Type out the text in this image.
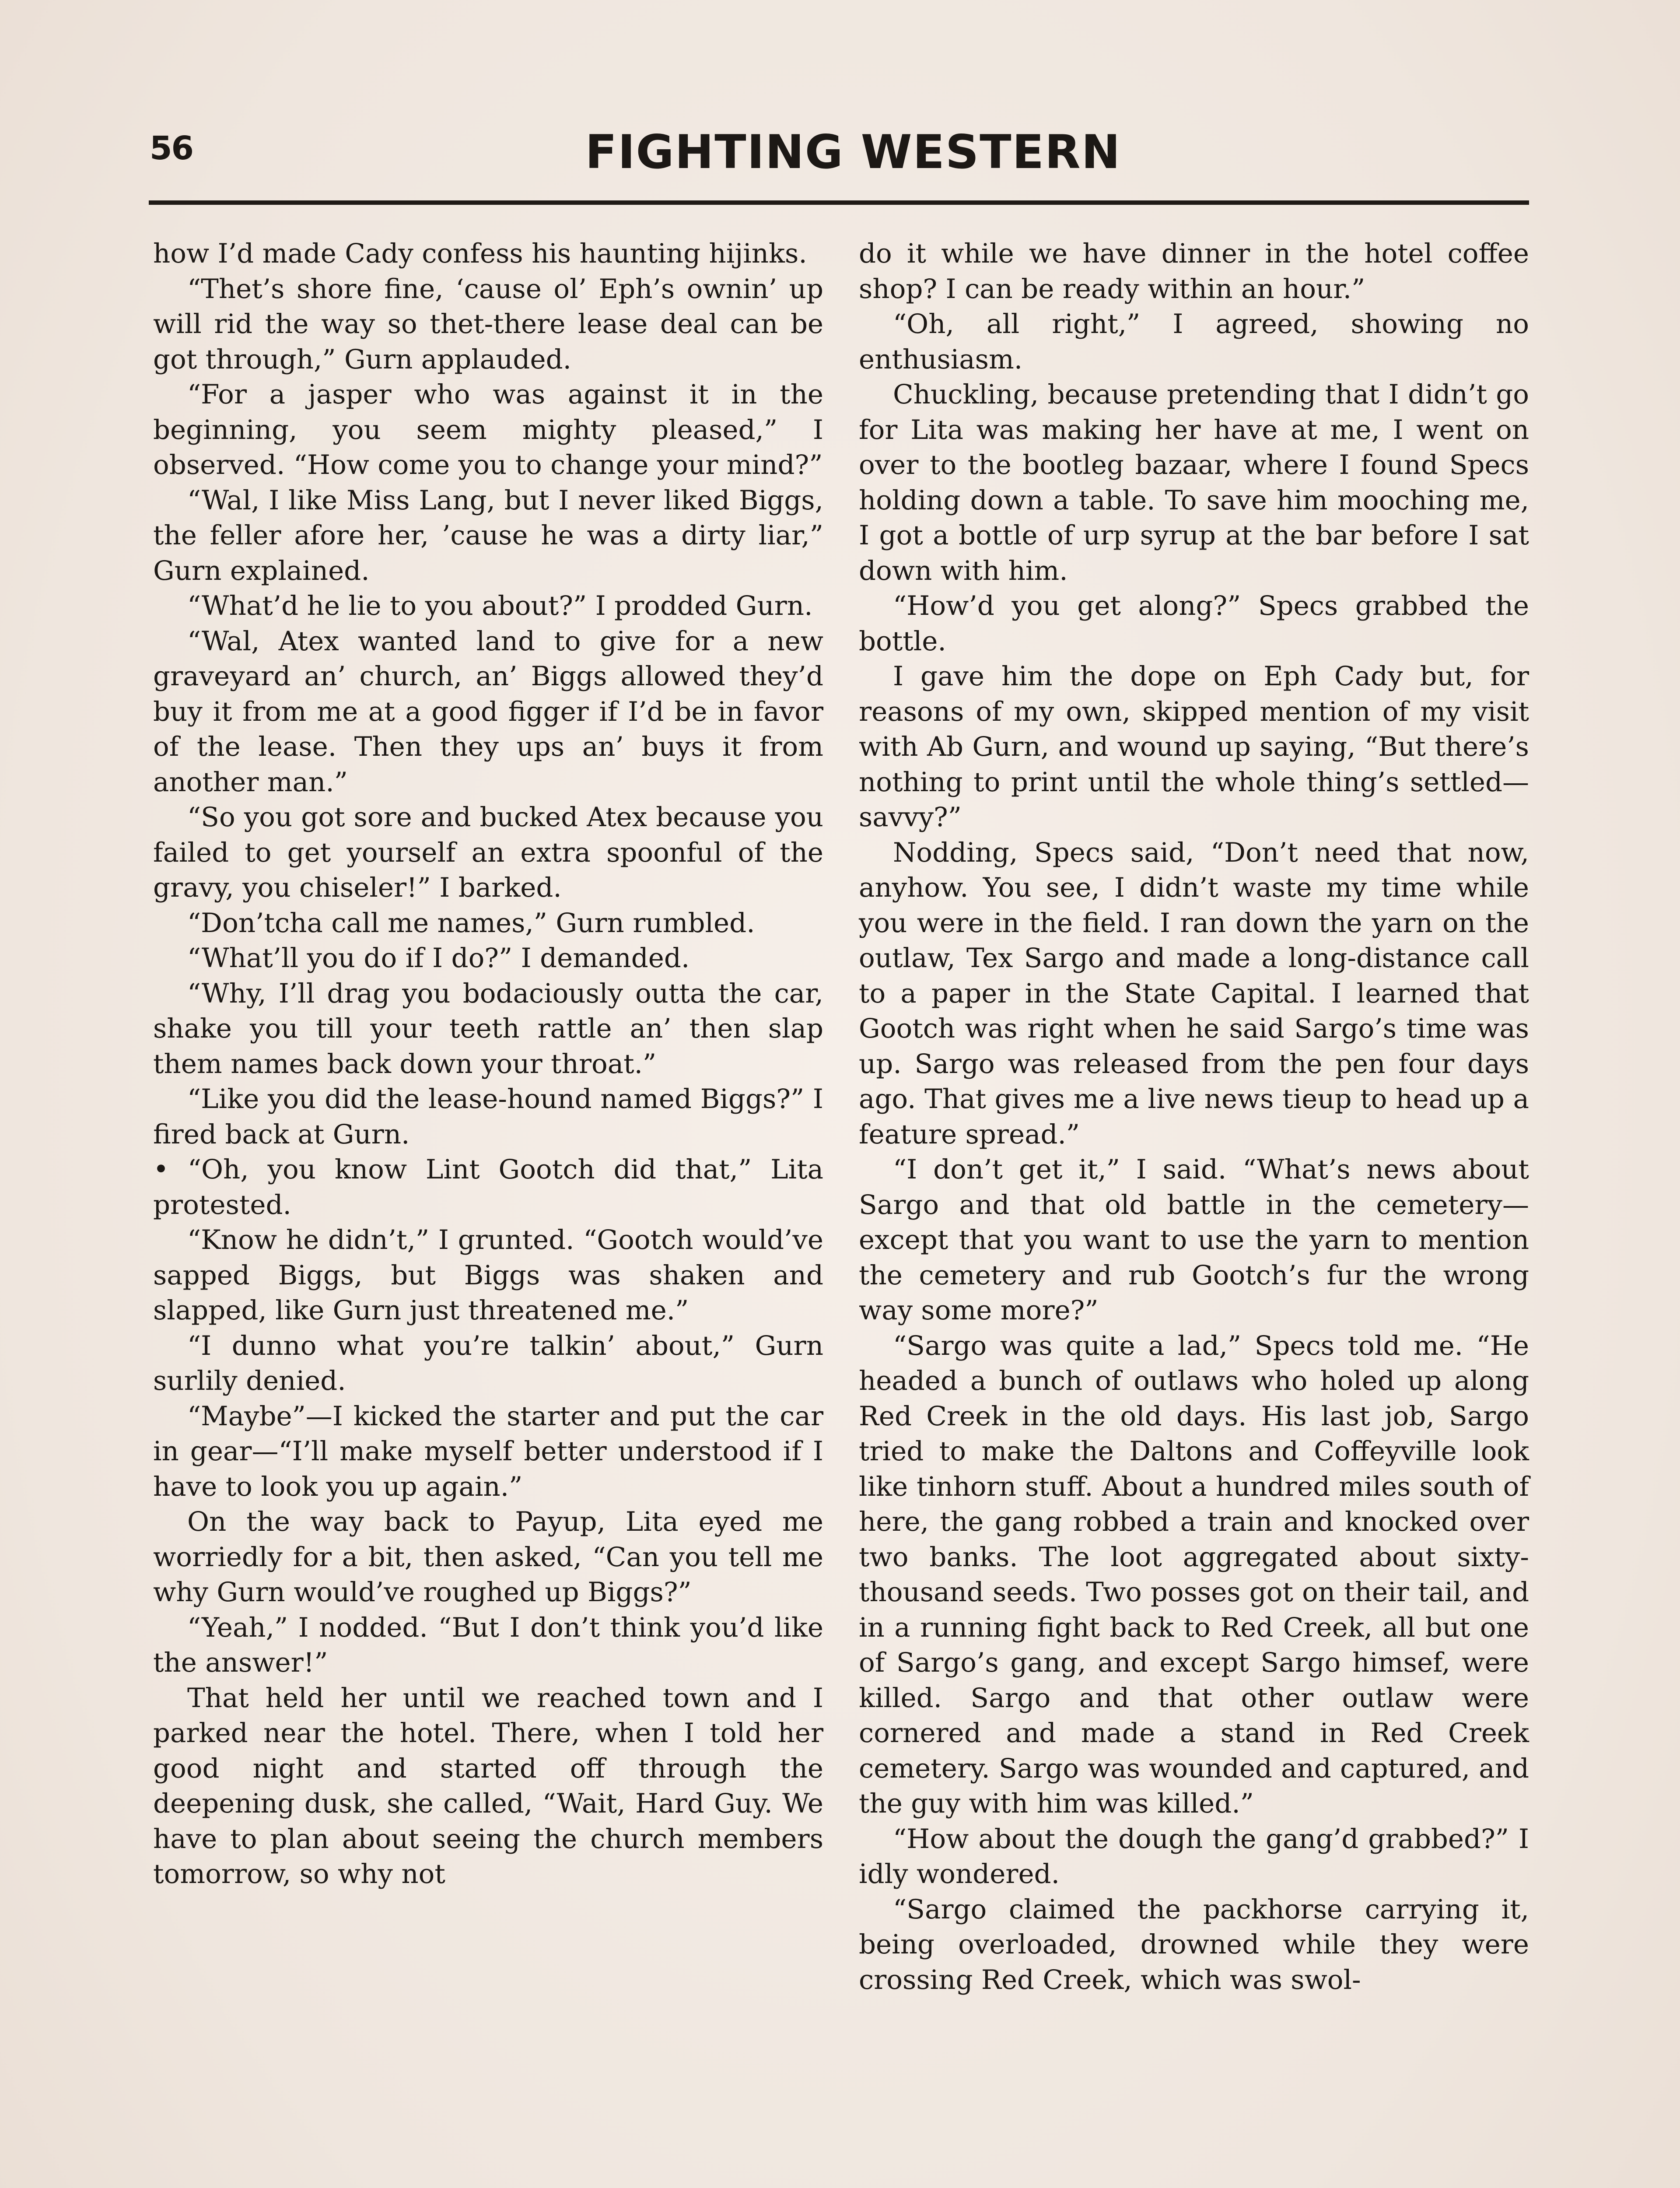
56	FIGHTING WESTERN

how I’d made Cady confess his haunting hijinks.

“Thet’s shore fine, ‘cause ol’ Eph’s ownin’ up will rid the way so thet-there lease deal can be got through,” Gurn applauded.

“For a jasper who was against it in the beginning, you seem mighty pleased,” I observed. “How come you to change your mind?”

“Wal, I like Miss Lang, but I never liked Biggs, the feller afore her, ’cause he was a dirty liar,” Gurn explained.

“What’d he lie to you about?” I prodded Gurn.

“Wal, Atex wanted land to give for a new graveyard an’ church, an’ Biggs allowed they’d buy it from me at a good figger if I’d be in favor of the lease. Then they ups an’ buys it from another man.”

“So you got sore and bucked Atex because you failed to get yourself an extra spoonful of the gravy, you chiseler!” I barked.

“Don’tcha call me names,” Gurn rumbled.

“What’ll you do if I do?” I demanded.

“Why, I’ll drag you bodaciously outta the car, shake you till your teeth rattle an’ then slap them names back down your throat.”

“Like you did the lease-hound named Biggs?” I fired back at Gurn.

• “Oh, you know Lint Gootch did that,” Lita protested.

“Know he didn’t,” I grunted. “Gootch would’ve sapped Biggs, but Biggs was shaken and slapped, like Gurn just threatened me.”

“I dunno what you’re talkin’ about,” Gurn surlily denied.

“Maybe”—I kicked the starter and put the car in gear—“I’ll make myself better understood if I have to look you up again.”

On the way back to Payup, Lita eyed me worriedly for a bit, then asked, “Can you tell me why Gurn would’ve roughed up Biggs?”

“Yeah,” I nodded. “But I don’t think you’d like the answer!”

That held her until we reached town and I parked near the hotel. There, when I told her good night and started off through the deepening dusk, she called, “Wait, Hard Guy. We have to plan about seeing the church members tomorrow, so why not

do it while we have dinner in the hotel coffee shop? I can be ready within an hour.”

“Oh, all right,” I agreed, showing no enthusiasm.

Chuckling, because pretending that I didn’t go for Lita was making her have at me, I went on over to the bootleg bazaar, where I found Specs holding down a table. To save him mooching me, I got a bottle of urp syrup at the bar before I sat down with him.

“How’d you get along?” Specs grabbed the bottle.

I gave him the dope on Eph Cady but, for reasons of my own, skipped mention of my visit with Ab Gurn, and wound up saying, “But there’s nothing to print until the whole thing’s settled—savvy?”

Nodding, Specs said, “Don’t need that now, anyhow. You see, I didn’t waste my time while you were in the field. I ran down the yarn on the outlaw, Tex Sargo and made a long-distance call to a paper in the State Capital. I learned that Gootch was right when he said Sargo’s time was up. Sargo was released from the pen four days ago. That gives me a live news tieup to head up a feature spread.”

“I don’t get it,” I said. “What’s news about Sargo and that old battle in the cemetery—except that you want to use the yarn to mention the cemetery and rub Gootch’s fur the wrong way some more?”

“Sargo was quite a lad,” Specs told me. “He headed a bunch of outlaws who holed up along Red Creek in the old days. His last job, Sargo tried to make the Daltons and Coffeyville look like tinhorn stuff. About a hundred miles south of here, the gang robbed a train and knocked over two banks. The loot aggregated about sixty-thousand seeds. Two posses got on their tail, and in a running fight back to Red Creek, all but one of Sargo’s gang, and except Sargo himsef, were killed. Sargo and that other outlaw were cornered and made a stand in Red Creek cemetery. Sargo was wounded and captured, and the guy with him was killed.”

“How about the dough the gang’d grabbed?” I idly wondered.

“Sargo claimed the packhorse carrying it, being overloaded, drowned while they were crossing Red Creek, which was swol-
